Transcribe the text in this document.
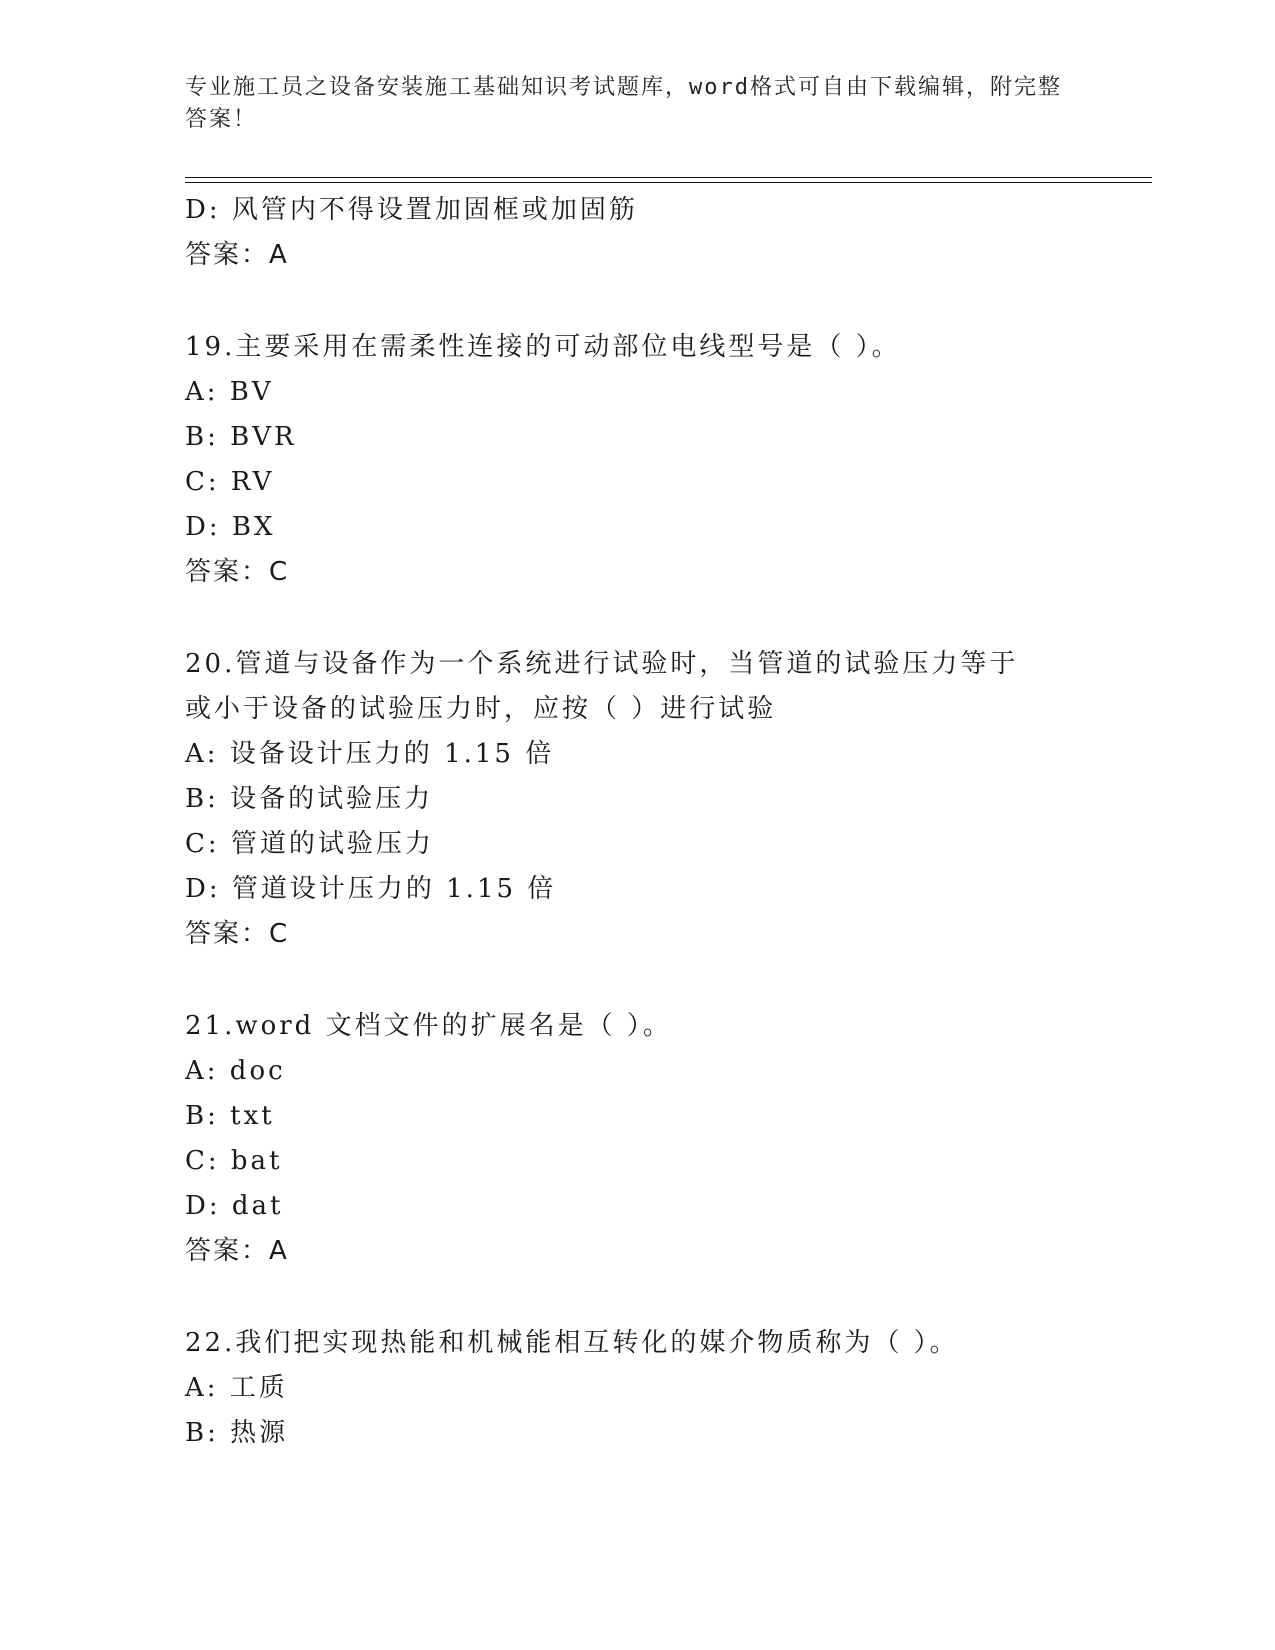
专业施工员之设备安装施工基础知识考试题库，word格式可自由下载编辑，附完整答案！
D: 风管内不得设置加固框或加固筋
答案：A
19.主要采用在需柔性连接的可动部位电线型号是（ ）。
A: BV
B: BVR
C: RV
D: BX
答案：C
20.管道与设备作为一个系统进行试验时，当管道的试验压力等于或小于设备的试验压力时，应按（ ）进行试验
A: 设备设计压力的 1.15 倍
B: 设备的试验压力
C: 管道的试验压力
D: 管道设计压力的 1.15 倍
答案：C
21.word 文档文件的扩展名是（ ）。
A: doc
B: txt
C: bat
D: dat
答案：A
22.我们把实现热能和机械能相互转化的媒介物质称为（ ）。
A: 工质
B: 热源
